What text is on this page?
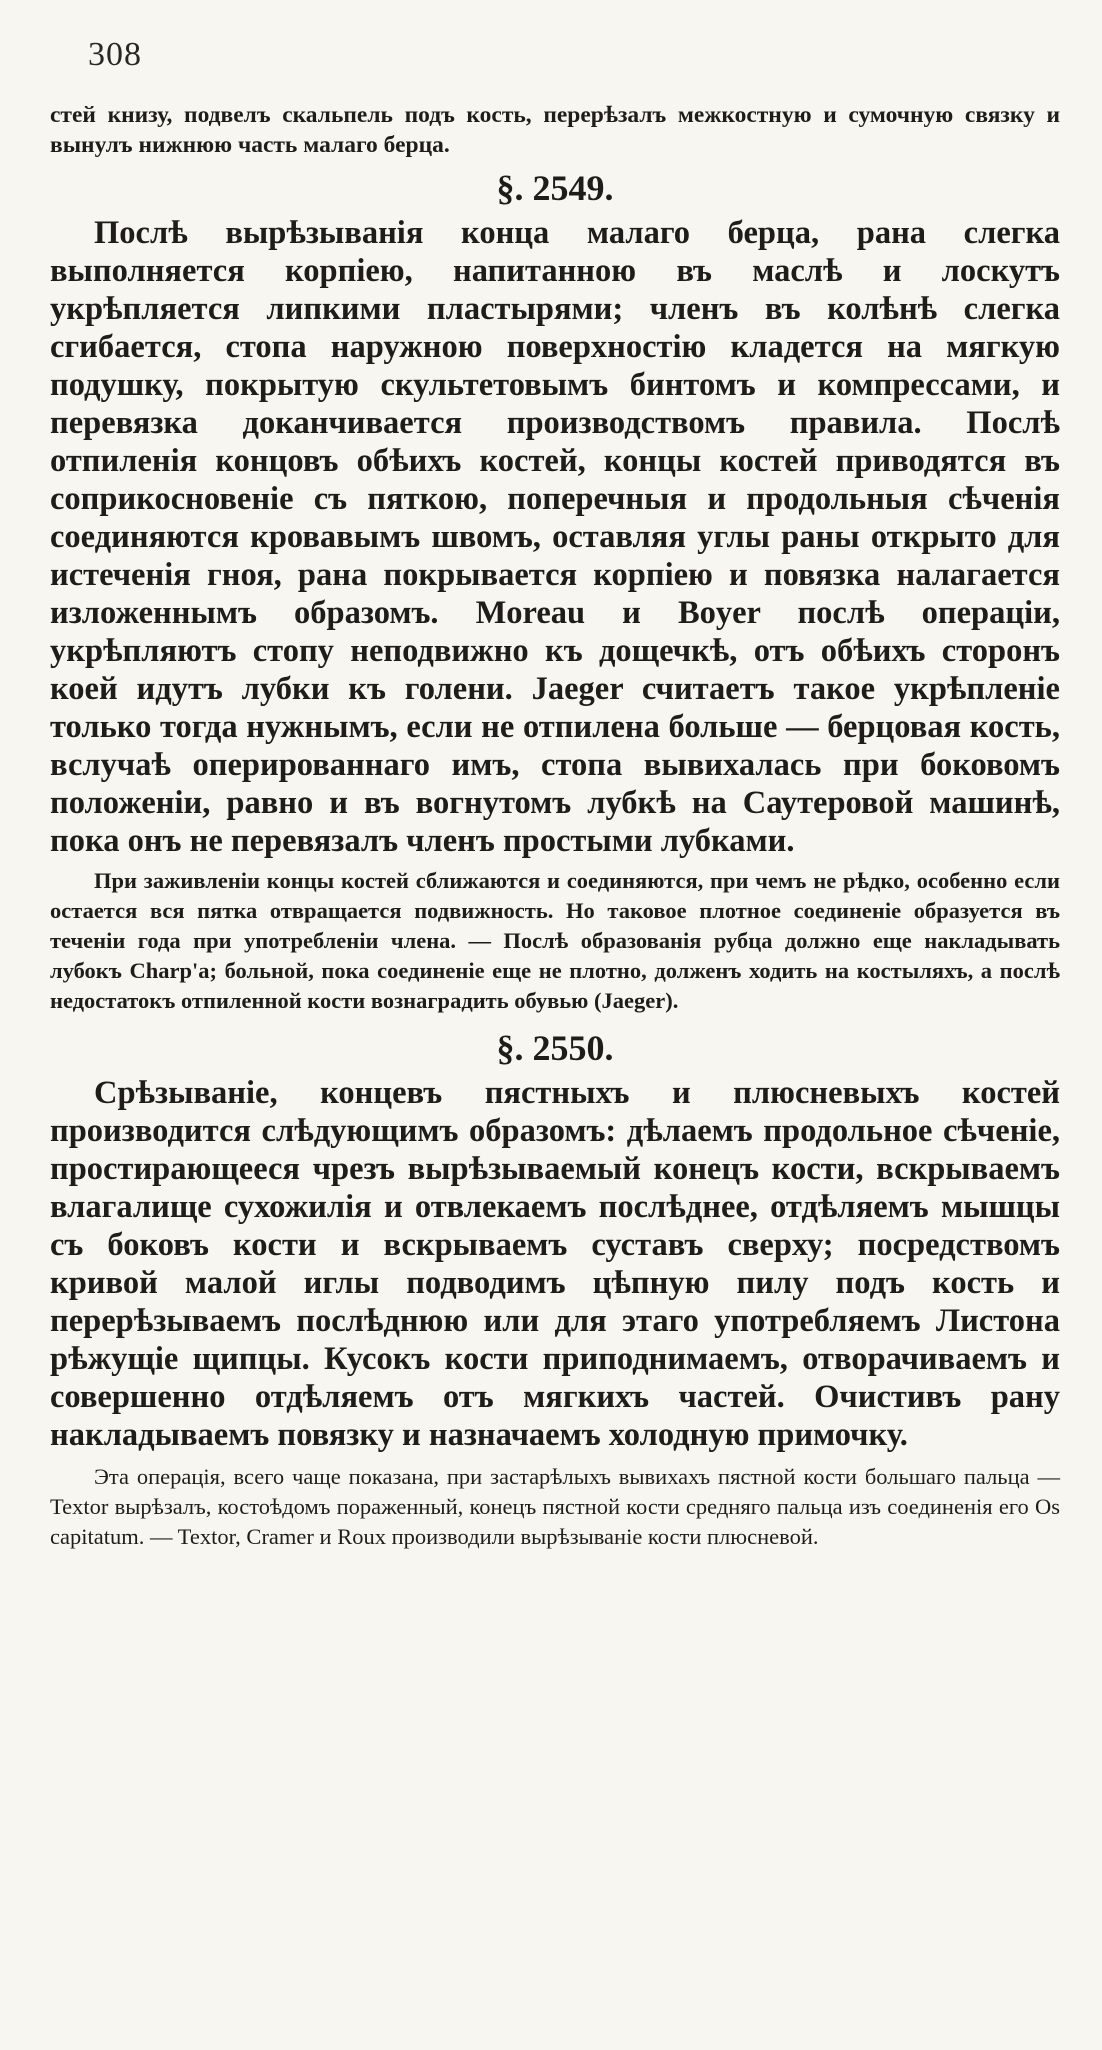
308

стей книзу, подвелъ скальпель подъ кость, перерѣзалъ межкостную и сумочную связку и вынулъ нижнюю часть малаго берца.

§. 2549.

Послѣ вырѣзыванія конца малаго берца, рана слегка выполняется корпіею, напитанною въ маслѣ и лоскутъ укрѣпляется липкими пластырями; членъ въ колѣнѣ слегка сгибается, стопа наружною поверхностію кладется на мягкую подушку, покрытую скультетовымъ бинтомъ и компрессами, и перевязка доканчивается производствомъ правила. Послѣ отпиленія концовъ обѣихъ костей, концы костей приводятся въ соприкосновеніе съ пяткою, поперечныя и продольныя сѣченія соединяются кровавымъ швомъ, оставляя углы раны открыто для истеченія гноя, рана покрывается корпіею и повязка налагается изложеннымъ образомъ. Moreau и Boyer послѣ операціи, укрѣпляютъ стопу неподвижно къ дощечкѣ, отъ обѣихъ сторонъ коей идутъ лубки къ голени. Jaeger считаетъ такое укрѣпленіе только тогда нужнымъ, если не отпилена больше — берцовая кость, вслучаѣ оперированнаго имъ, стопа вывихалась при боковомъ положеніи, равно и въ вогнутомъ лубкѣ на Саутеровой машинѣ, пока онъ не перевязалъ членъ простыми лубками.

При заживленіи концы костей сближаются и соединяются, при чемъ не рѣдко, особенно если остается вся пятка отвращается подвижность. Но таковое плотное соединеніе образуется въ теченіи года при употребленіи члена. — Послѣ образованія рубца должно еще накладывать лубокъ Charp'a; больной, пока соединеніе еще не плотно, долженъ ходить на костыляхъ, а послѣ недостатокъ отпиленной кости вознаградить обувью (Jaeger).

§. 2550.

Срѣзываніе, концевъ пястныхъ и плюсневыхъ костей производится слѣдующимъ образомъ: дѣлаемъ продольное сѣченіе, простирающееся чрезъ вырѣзываемый конецъ кости, вскрываемъ влагалище сухожилія и отвлекаемъ послѣднее, отдѣляемъ мышцы съ боковъ кости и вскрываемъ суставъ сверху; посредствомъ кривой малой иглы подводимъ цѣпную пилу подъ кость и перерѣзываемъ послѣднюю или для этаго употребляемъ Листона рѣжущіе щипцы. Кусокъ кости приподнимаемъ, отворачиваемъ и совершенно отдѣляемъ отъ мягкихъ частей. Очистивъ рану накладываемъ повязку и назначаемъ холодную примочку.

Эта операція, всего чаще показана, при застарѣлыхъ вывихахъ пястной кости большаго пальца — Textor вырѣзалъ, костоѣдомъ пораженный, конецъ пястной кости средняго пальца изъ соединенія его Os capitatum. — Textor, Cramer и Roux производили вырѣзываніе кости плюсневой.
